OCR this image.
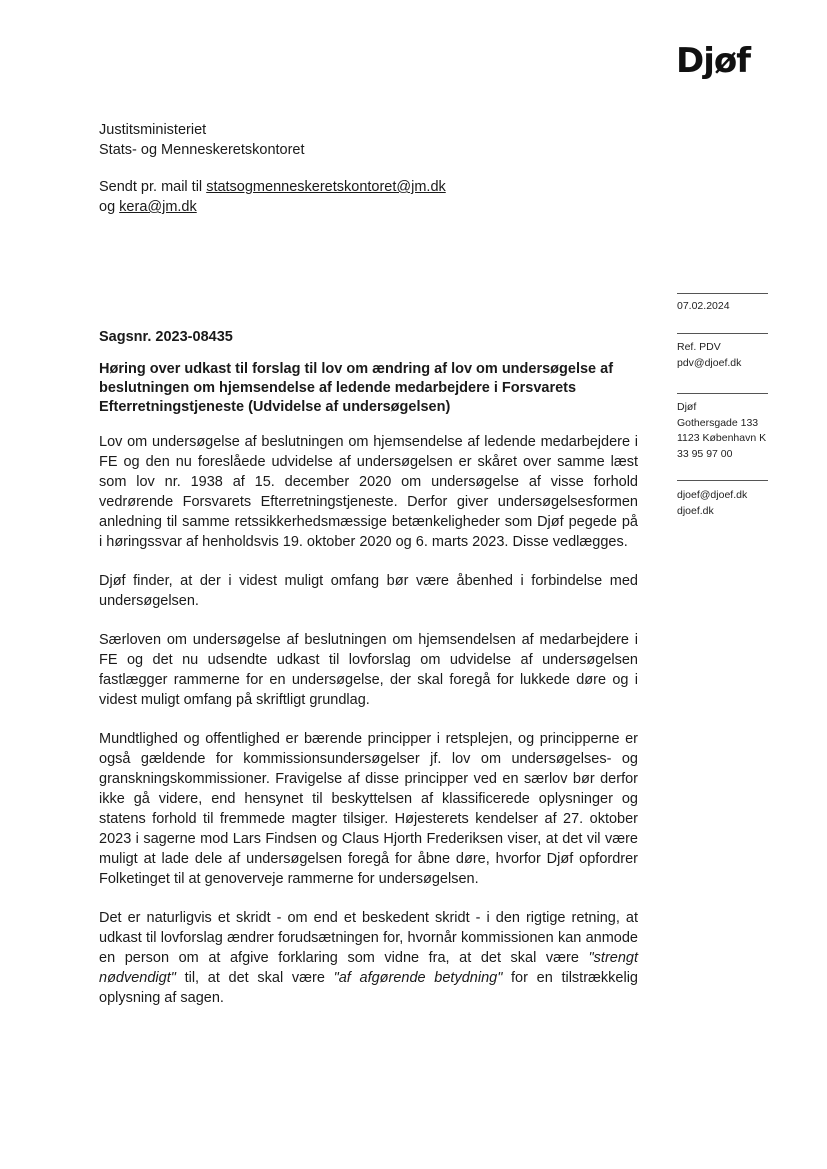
Djøf
Justitsministeriet
Stats- og Menneskeretskontoret
Sendt pr. mail til statsogmenneskeretskontoret@jm.dk
og kera@jm.dk
Sagsnr. 2023-08435
Høring over udkast til forslag til lov om ændring af lov om undersøgelse af beslutningen om hjemsendelse af ledende medarbejdere i Forsvarets Efterretningstjeneste (Udvidelse af undersøgelsen)

Lov om undersøgelse af beslutningen om hjemsendelse af ledende medarbejdere i FE og den nu foreslåede udvidelse af undersøgelsen er skåret over samme læst som lov nr. 1938 af 15. december 2020 om undersøgelse af visse forhold vedrørende Forsvarets Efterretningstjeneste. Derfor giver undersøgelsesformen anledning til samme retssikkerhedsmæssige betænkeligheder som Djøf pegede på i høringssvar af henholdsvis 19. oktober 2020 og 6. marts 2023. Disse vedlægges.

Djøf finder, at der i videst muligt omfang bør være åbenhed i forbindelse med undersøgelsen.

Særloven om undersøgelse af beslutningen om hjemsendelsen af medarbejdere i FE og det nu udsendte udkast til lovforslag om udvidelse af undersøgelsen fastlægger rammerne for en undersøgelse, der skal foregå for lukkede døre og i videst muligt omfang på skriftligt grundlag.

Mundtlighed og offentlighed er bærende principper i retsplejen, og principperne er også gældende for kommissionsundersøgelser jf. lov om undersøgelses- og granskningskommissioner. Fravigelse af disse principper ved en særlov bør derfor ikke gå videre, end hensynet til beskyttelsen af klassificerede oplysninger og statens forhold til fremmede magter tilsiger. Højesterets kendelser af 27. oktober 2023 i sagerne mod Lars Findsen og Claus Hjorth Frederiksen viser, at det vil være muligt at lade dele af undersøgelsen foregå for åbne døre, hvorfor Djøf opfordrer Folketinget til at genoverveje rammerne for undersøgelsen.

Det er naturligvis et skridt - om end et beskedent skridt - i den rigtige retning, at udkast til lovforslag ændrer forudsætningen for, hvornår kommissionen kan anmode en person om at afgive forklaring som vidne fra, at det skal være "strengt nødvendigt" til, at det skal være "af afgørende betydning" for en tilstrækkelig oplysning af sagen.

07.02.2024
Ref. PDV
pdv@djoef.dk
Djøf
Gothersgade 133
1123 København K
33 95 97 00
djoef@djoef.dk
djoef.dk
